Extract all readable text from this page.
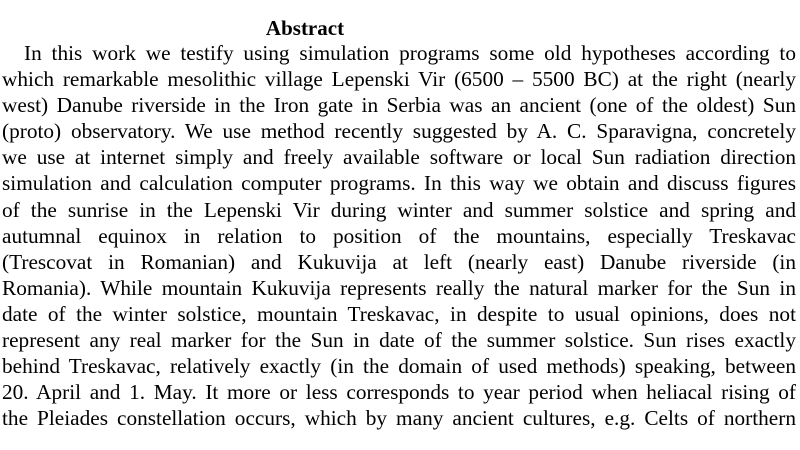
Abstract
In this work we testify using simulation programs some old hypotheses according to
which remarkable mesolithic village Lepenski Vir (6500 – 5500 BC) at the right (nearly
west) Danube riverside in the Iron gate in Serbia was an ancient (one of the oldest) Sun
(proto) observatory. We use method recently suggested by A. C. Sparavigna, concretely
we use at internet simply and freely available software or local Sun radiation direction
simulation and calculation computer programs. In this way we obtain and discuss figures
of the sunrise in the Lepenski Vir during winter and summer solstice and spring and
autumnal equinox in relation to position of the mountains, especially Treskavac
(Trescovat in Romanian) and Kukuvija at left (nearly east) Danube riverside (in
Romania). While mountain Kukuvija represents really the natural marker for the Sun in
date of the winter solstice, mountain Treskavac, in despite to usual opinions, does not
represent any real marker for the Sun in date of the summer solstice. Sun rises exactly
behind Treskavac, relatively exactly (in the domain of used methods) speaking, between
20. April and 1. May. It more or less corresponds to year period when heliacal rising of
the Pleiades constellation occurs, which by many ancient cultures, e.g. Celts of northern
